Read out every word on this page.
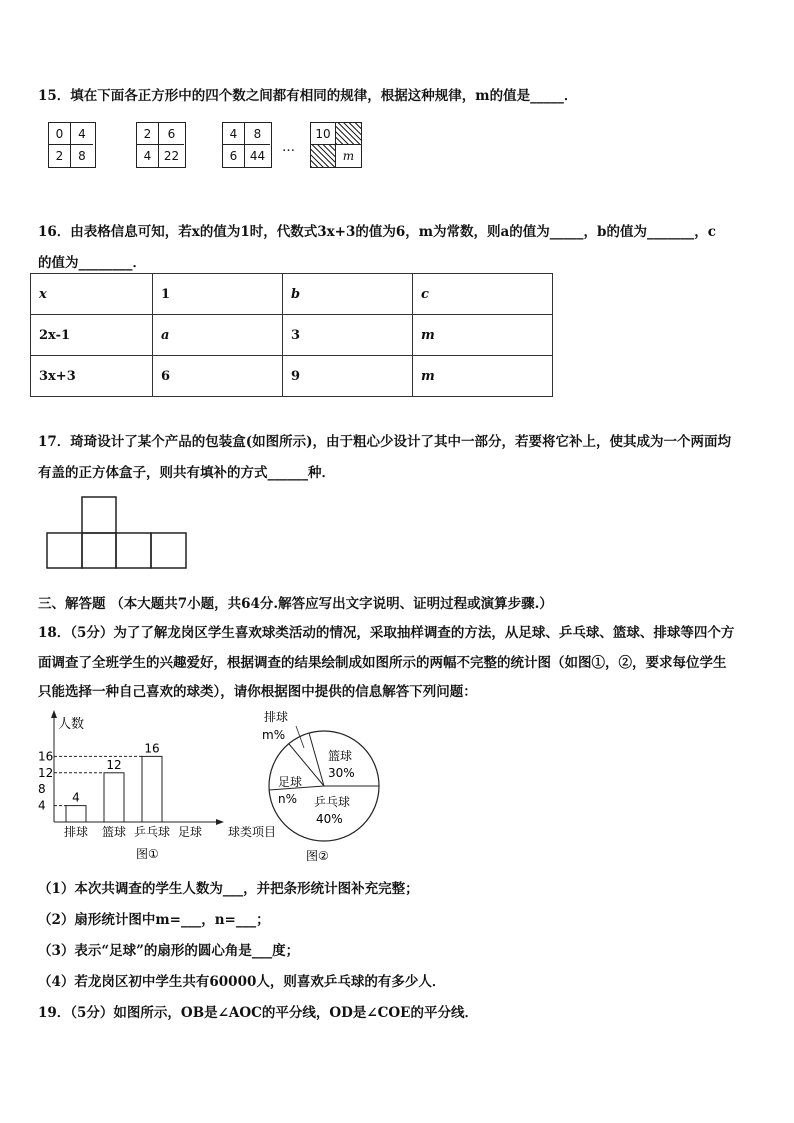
15．填在下面各正方形中的四个数之间都有相同的规律，根据这种规律，m的值是_____．
0	4
2	8
2	6
4	22
4	8
6	44
…
10
m
16．由表格信息可知，若x的值为1时，代数式3x+3的值为6，m为常数，则a的值为_____，b的值为_______，c
的值为________．
x	1	b	c
2x-1	a	3	m
3x+3	6	9	m
17．琦琦设计了某个产品的包装盒(如图所示)，由于粗心少设计了其中一部分，若要将它补上，使其成为一个两面均
有盖的正方体盒子，则共有填补的方式______种．
三、解答题 （本大题共7小题，共64分.解答应写出文字说明、证明过程或演算步骤.）
18．（5分）为了了解龙岗区学生喜欢球类活动的情况，采取抽样调查的方法，从足球、乒乓球、篮球、排球等四个方
面调查了全班学生的兴趣爱好，根据调查的结果绘制成如图所示的两幅不完整的统计图（如图①，②，要求每位学生
只能选择一种自己喜欢的球类），请你根据图中提供的信息解答下列问题：
人数
球类项目
图①
4
8
12
16
4
排球
12
篮球
16
乒乓球 足球
排球
m%
篮球
30%
乒乓球
40%
足球
n%
图②
（1）本次共调查的学生人数为___，并把条形统计图补充完整；
（2）扇形统计图中m=___，n=___；
（3）表示“足球”的扇形的圆心角是___度；
（4）若龙岗区初中学生共有60000人，则喜欢乒乓球的有多少人．
19．（5分）如图所示，OB是∠AOC的平分线，OD是∠COE的平分线．
